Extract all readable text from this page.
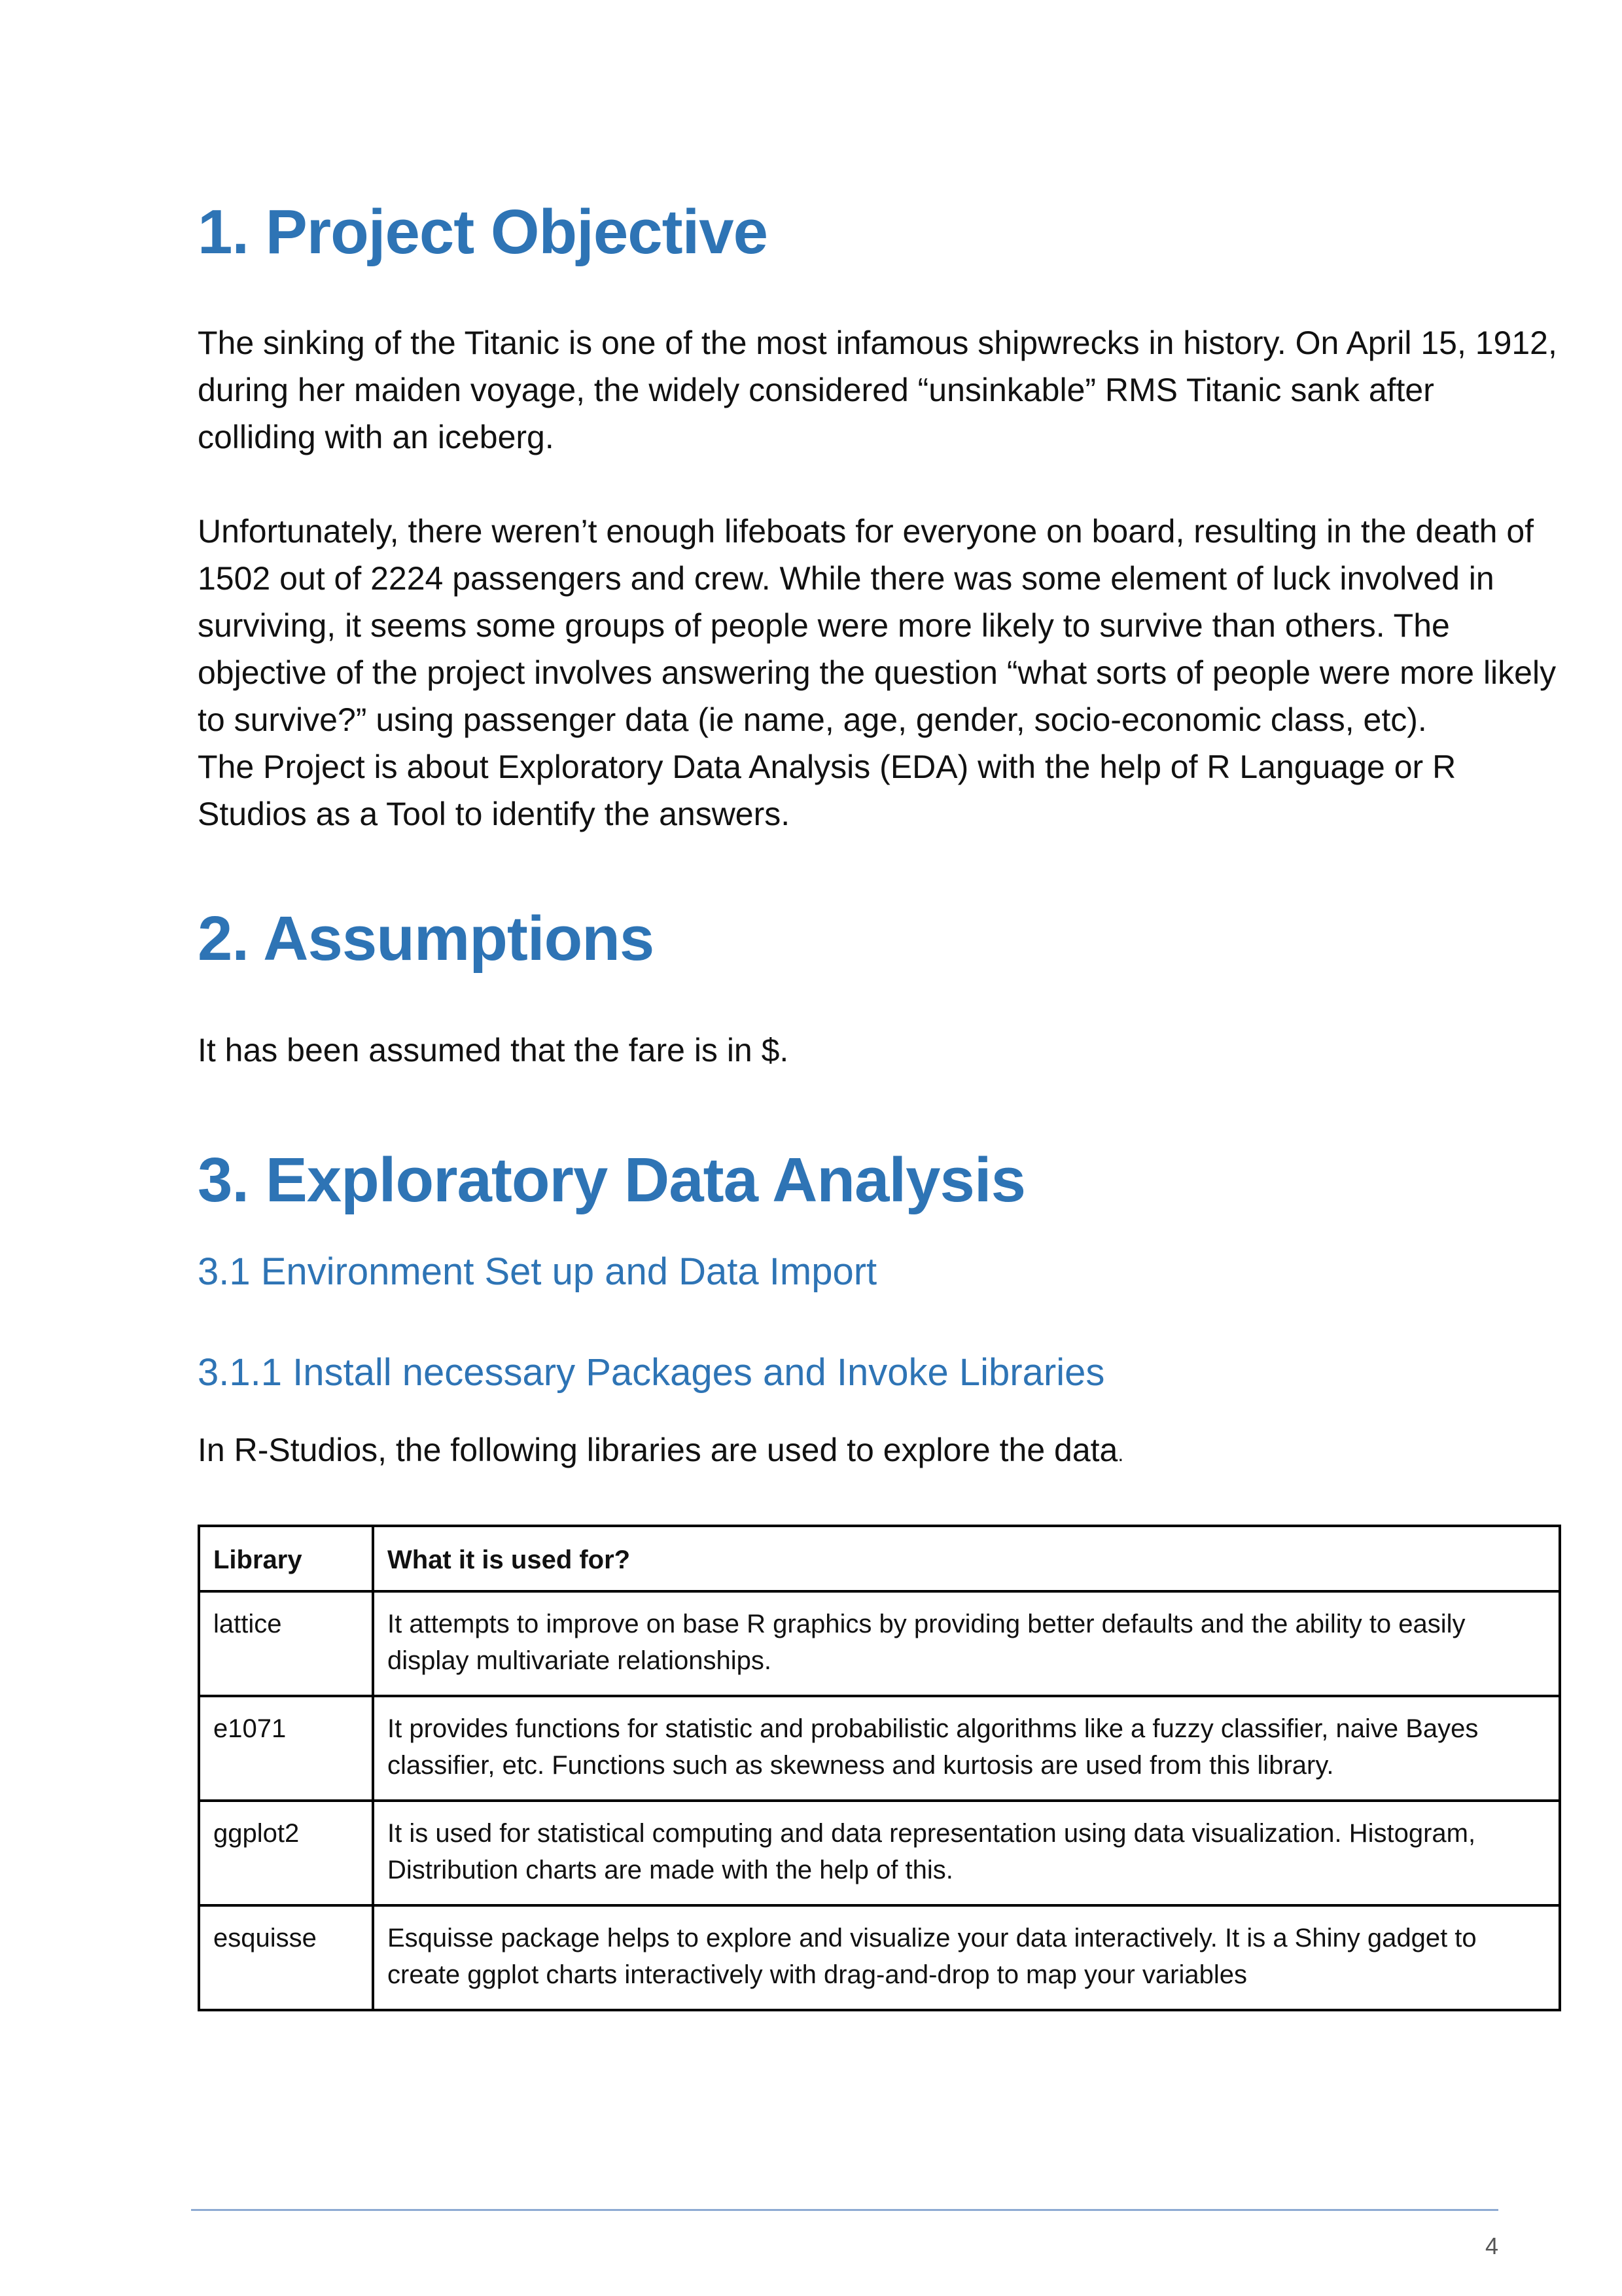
1. Project Objective

The sinking of the Titanic is one of the most infamous shipwrecks in history. On April 15, 1912, during her maiden voyage, the widely considered “unsinkable” RMS Titanic sank after colliding with an iceberg.

Unfortunately, there weren’t enough lifeboats for everyone on board, resulting in the death of 1502 out of 2224 passengers and crew. While there was some element of luck involved in surviving, it seems some groups of people were more likely to survive than others. The objective of the project involves answering the question “what sorts of people were more likely to survive?” using passenger data (ie name, age, gender, socio-economic class, etc).

The Project is about Exploratory Data Analysis (EDA) with the help of R Language or R Studios as a Tool to identify the answers.

2. Assumptions

It has been assumed that the fare is in $.

3. Exploratory Data Analysis
3.1 Environment Set up and Data Import
3.1.1 Install necessary Packages and Invoke Libraries

In R-Studios, the following libraries are used to explore the data.

Library	What it is used for?
lattice	It attempts to improve on base R graphics by providing better defaults and the ability to easily display multivariate relationships.
e1071	It provides functions for statistic and probabilistic algorithms like a fuzzy classifier, naive Bayes classifier, etc. Functions such as skewness and kurtosis are used from this library.
ggplot2	It is used for statistical computing and data representation using data visualization. Histogram, Distribution charts are made with the help of this.
esquisse	Esquisse package helps to explore and visualize your data interactively. It is a Shiny gadget to create ggplot charts interactively with drag-and-drop to map your variables
4
